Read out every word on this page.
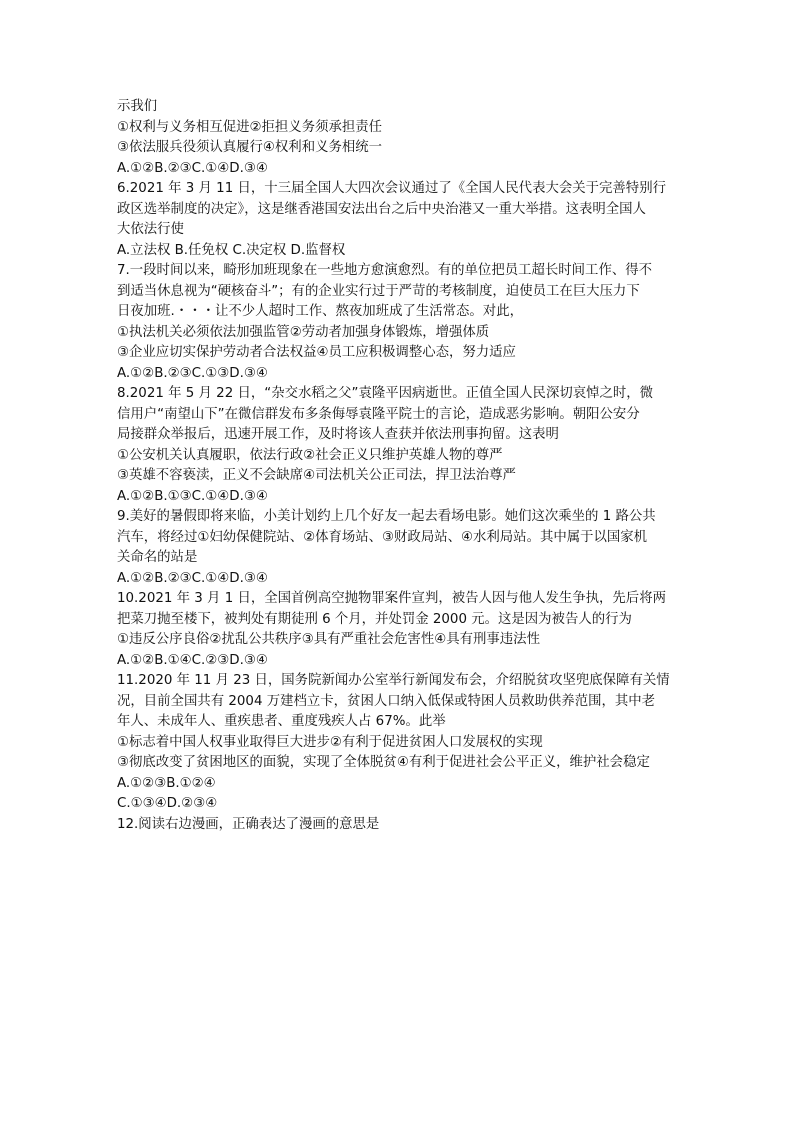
示我们
①权利与义务相互促进②拒担义务须承担责任
③依法服兵役须认真履行④权利和义务相统一
A.①②B.②③C.①④D.③④
6.2021 年 3 月 11 日，十三届全国人大四次会议通过了《全国人民代表大会关于完善特别行
政区选举制度的决定》，这是继香港国安法出台之后中央治港又一重大举措。这表明全国人
大依法行使
A.立法权 B.任免权 C.决定权 D.监督权
7.一段时间以来，畸形加班现象在一些地方愈演愈烈。有的单位把员工超长时间工作、得不
到适当休息视为“硬核奋斗”；有的企业实行过于严苛的考核制度，迫使员工在巨大压力下
日夜加班.・・・让不少人超时工作、熬夜加班成了生活常态。对此，
①执法机关必须依法加强监管②劳动者加强身体锻炼，增强体质
③企业应切实保护劳动者合法权益④员工应积极调整心态，努力适应
A.①②B.②③C.①③D.③④
8.2021 年 5 月 22 日，“杂交水稻之父”袁隆平因病逝世。正值全国人民深切哀悼之时，微
信用户“南望山下”在微信群发布多条侮辱袁隆平院士的言论，造成恶劣影响。朝阳公安分
局接群众举报后，迅速开展工作，及时将该人查获并依法刑事拘留。这表明
①公安机关认真履职，依法行政②社会正义只维护英雄人物的尊严
③英雄不容亵渎，正义不会缺席④司法机关公正司法，捍卫法治尊严
A.①②B.①③C.①④D.③④
9.美好的暑假即将来临，小美计划约上几个好友一起去看场电影。她们这次乘坐的 1 路公共
汽车，将经过①妇幼保健院站、②体育场站、③财政局站、④水利局站。其中属于以国家机
关命名的站是
A.①②B.②③C.①④D.③④
10.2021 年 3 月 1 日，全国首例高空抛物罪案件宣判，被告人因与他人发生争执，先后将两
把菜刀抛至楼下，被判处有期徒刑 6 个月，并处罚金 2000 元。这是因为被告人的行为
①违反公序良俗②扰乱公共秩序③具有严重社会危害性④具有刑事违法性
A.①②B.①④C.②③D.③④
11.2020 年 11 月 23 日，国务院新闻办公室举行新闻发布会，介绍脱贫攻坚兜底保障有关情
况，目前全国共有 2004 万建档立卡，贫困人口纳入低保或特困人员救助供养范围，其中老
年人、未成年人、重疾患者、重度残疾人占 67%。此举
①标志着中国人权事业取得巨大进步②有利于促进贫困人口发展权的实现
③彻底改变了贫困地区的面貌，实现了全体脱贫④有利于促进社会公平正义，维护社会稳定
A.①②③B.①②④
C.①③④D.②③④
12.阅读右边漫画，正确表达了漫画的意思是
